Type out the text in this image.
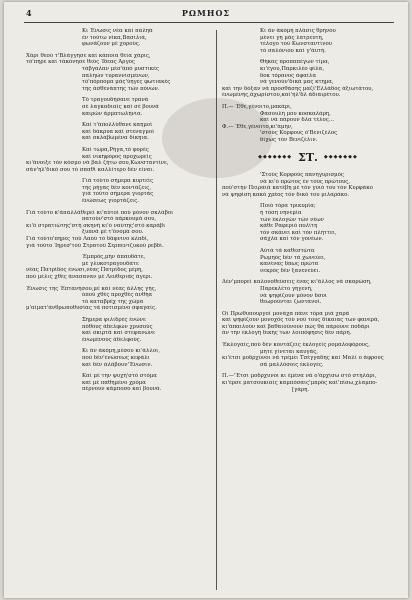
4	ΡΩΜΗΟΣ
Κι Ένωσις νέα καί παληά
έν τούτω νίκα,Βασιλιά,
φωνάζουν μέ χορούς.
Χάρι θεού τ'Βλάγγησε καί κάποια θεία χάρις,
τό'πήρε καί τάκόνησε θεός Ίδεας Άργος
τάβγαλαν μέσ'άπό μυστικές
παληών τυραννισμένων,
τό'πόρπομα μάς'ύηγες φωτιακές
της άσθενάπτης τών πόνων.
Τό τραγουδήσανε τρανά
σέ λαγκαδιαίς καί σέ βουνά
καιρών άρματωλήνια.
Καί τ'άπολλύθανε καημοί
καί δάκρυα καί στεναγμοί
καί σκλαβωμένα δίκηια.
Καί τώρα,Ρήγα,τό φορές
καί νικηφόρος προχωρείς
κι'άνοιξε τόν κόσμο νά βαλ ζήτω σου,Κωνσταντίνε,
σάν'ηλ'δικό σου τό σπαθί καλλίτερο δέν είναι.
Γιά τούτο σήμερα κυρτείς
της ρήγας δέν κοντάζεις,
γιά τούτο σήμερα γιορτάς
ένώσεως γιορτάζεις.
Γιά τούτο κ'άπαλλάθερεί κι'αύτοί πού μόνον σκλάβοι
πατούν'στό πάρκουμά σου,
κι'ό στρατιώτης'στή σκηνή κι'ό ναύτης'στό καράβι
ξυπνά μέ τ'όνομά σου.
Γιά τούτο'πήρες τού Λαού τό δάφνινο κλαδί,
γιά τούτο Ίηρεσ'τού Στρατού Σερπεντζυκού ρεβδί.
Έμπρός,μήν άπαυδάτε,
μέ γλυκοτραγουδάτε
νέας Πατρίδος ένωσι,νέας Πατρίδος μέρη,
πού μέλις χθές άνασαναν μέ Λευθεριάς άγέρι.
Ένωσις της Έπτανήσου,μέ καί νέας άλλης γής,
όπού χθές προχθές άνθήα
τό καταβρέχ της χώμα
μ'αίματ'άνθρωποθυσίας τά ποτισμένο σφαγαίς.
Σήμερα φιλιδρές ένώνε
πόθους άδελφών χρυσούς
καί σκιρτά καί στεφανώνε
ένωμένους άδελφούς.
Κι άν άκόμη,μέσου κι'άλλοι,
πού δέν'ένώσεως κεφάλι
καί δέν άλάβουν'Ένωσιν.
Καί μέ την ψυχή'στό στόμα
καί μέ παθημένο χρόμα
πέρνουν κάμποσο καί βουνά.
Κι άν άκόμη πλάσις θρήνου
μένει γή μάς λατρευτή,
τέλογο τού Κωνσταντίνου
τό σαλόνιου καί γ'άυτή.
Θήκας προπαπέγων τίμα,
κι'έγου,Παρκιλέο φίλα,
δοκ τόρανος άφαίλα
νά γενούν'δικά μας κτήμα,
καί την δόξαν νά προσθάσης μαζί'Ελλάδος άξιωτάτου,
ένωμένης,άχωρίστου,καί'ηλ'δλ άδιαιρέτου.
Π.— Έθε,γένοιτο,μακάρι,
Φασουλή μου κοσκαλάρη,
καί νά πάρουν δλα τέλος...
Φ.— Έθε,γένοιτο,κι'άμήν,
'στούς Κόρφους ό'Βενιζέλος
δίχως τόν Βενιζέλιν.
◆◆◆◆◆◆◆ ΣΤ. ◆◆◆◆◆◆◆
'Στούς Κορφούς πανηγυρισμός
νά κι'ό πρώτος έν τούς πρώτους,
πού'στήν Πειραιά κατέβη μέ τόν γυιό του τόν Κυρφάκο
νά ψηφίση κακό χρέος τόν δικό του μιλαράκο.
Ποιό τόρα τρικυμία;
ή τόση νηνεμία
τών έκλογών τών νέων
κάθε Ραφεριό πολίτη
τόν σκάνει καί τόν πλήττει,
σάχλα καί τόν γονέων.
Αύτά τά καθεστώτα
Ρωμηός δέν τά χωνεύει,
κανένας δπως πρώτα
νεκρός δέν ξανενεύει.
Δέν'μπορεί καλονοθεύσεις ένας κι'άλλος νά σκαρώση,
Παρεκλέτο γηγενή,
νά ψηφίζουν μόνον δσοι
θεωρούνται ζωντανοί.
Οί Πρωθυπουργοί μονάχα πάνε τόρα μιά χαρά
καί ψηφίζουν μονοχός τού νού τους δίκαιας των φανερά,
κι'άπαιλούν καί βαθαιούνουν πώς θά πάρουνε ποδάρι
άν τήν έκλογή δικής των λοιπόφησις δέν πάρη.
Έκλογαίς,πού δέν κοντάζεις έκλογείς ρομαλοφόρους,
μήτε γίνεται καυγάς,
κι'έτσι μοδρχυνοι νά τρέμει Τσέγγαδης καί Μαλί ο άφρους
σά μαλλόσοις έκλογές.
Π.—'Έτσι μοδρχυνοι κι έμένα νά ο'άρχίσω στό στηλάρι,
κι'έρσε ματσουκιαίς καμπόσαις'μπρός καί'πίσω,χλαμπο-
[γάρη.
